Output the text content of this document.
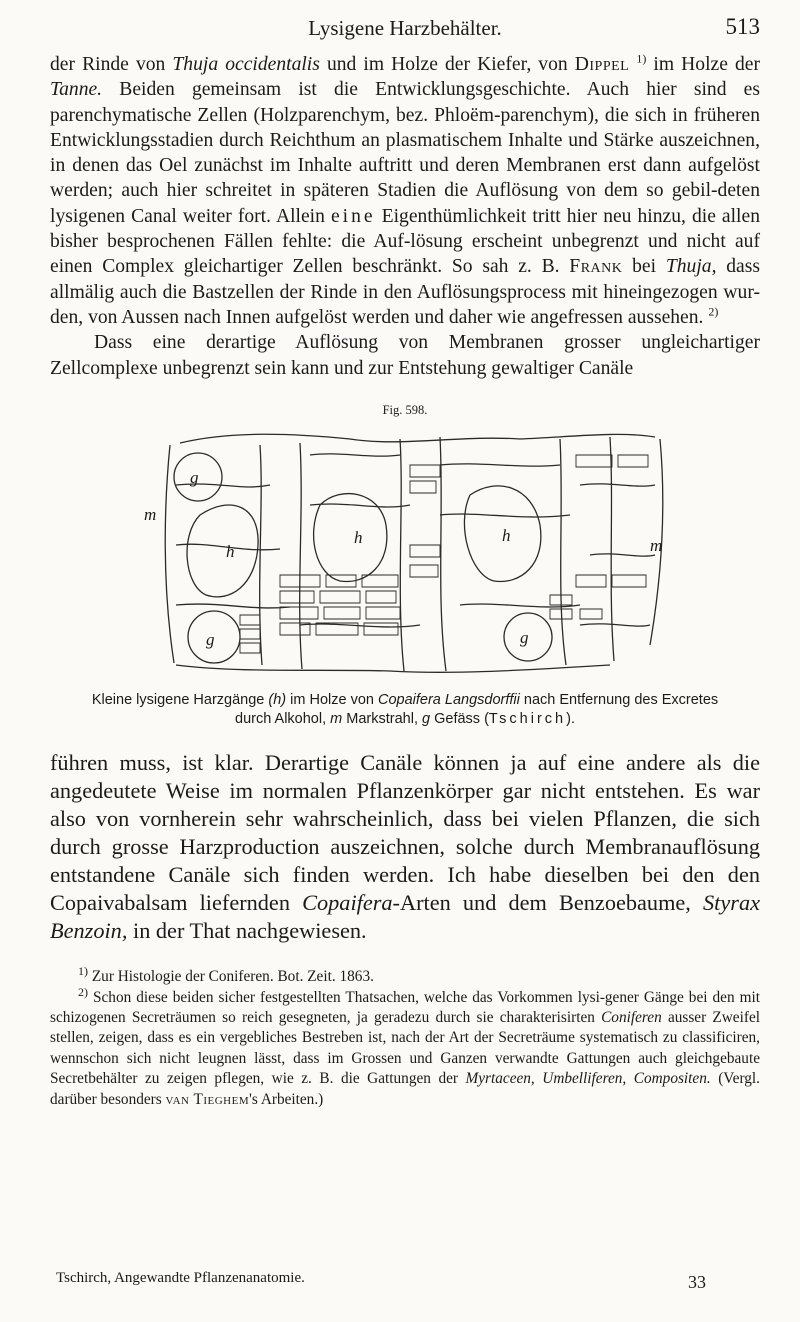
Lysigene Harzbehälter.	513

der Rinde von Thuja occidentalis und im Holze der Kiefer, von Dippel $^{1)}$ im Holze der Tanne. Beiden gemeinsam ist die Entwicklungsgeschichte. Auch hier sind es parenchymatische Zellen (Holzparenchym, bez. Phloëm-parenchym), die sich in früheren Entwicklungsstadien durch Reichthum an plasmatischem Inhalte und Stärke auszeichnen, in denen das Oel zunächst im Inhalte auftritt und deren Membranen erst dann aufgelöst werden; auch hier schreitet in späteren Stadien die Auflösung von dem so gebil-deten lysigenen Canal weiter fort. Allein eine Eigenthümlichkeit tritt hier neu hinzu, die allen bisher besprochenen Fällen fehlte: die Auf-lösung erscheint unbegrenzt und nicht auf einen Complex gleichartiger Zellen beschränkt. So sah z. B. Frank bei Thuja, dass allmälig auch die Bastzellen der Rinde in den Auflösungsprocess mit hineingezogen wur-den, von Aussen nach Innen aufgelöst werden und daher wie angefressen aussehen. $^{2)}$

Dass eine derartige Auflösung von Membranen grosser ungleichartiger Zellcomplexe unbegrenzt sein kann und zur Entstehung gewaltiger Canäle

Fig. 598.
g
g	g
m
m
h
h	h
Kleine lysigene Harzgänge (h) im Holze von Copaifera Langsdorffii nach Entfernung des Excretes
durch Alkohol, m Markstrahl, g Gefäss (Tschirch).

führen muss, ist klar. Derartige Canäle können ja auf eine andere als die angedeutete Weise im normalen Pflanzenkörper gar nicht entstehen. Es war also von vornherein sehr wahrscheinlich, dass bei vielen Pflanzen, die sich durch grosse Harzproduction auszeichnen, solche durch Membranauflösung entstandene Canäle sich finden werden. Ich habe dieselben bei den den Copaivabalsam liefernden Copaifera-Arten und dem Benzoebaume, Styrax Benzoin, in der That nachgewiesen.

$^{1)}$ Zur Histologie der Coniferen. Bot. Zeit. 1863.

$^{2)}$ Schon diese beiden sicher festgestellten Thatsachen, welche das Vorkommen lysi-gener Gänge bei den mit schizogenen Secreträumen so reich gesegneten, ja geradezu durch sie charakterisirten Coniferen ausser Zweifel stellen, zeigen, dass es ein vergebliches Bestreben ist, nach der Art der Secreträume systematisch zu classificiren, wennschon sich nicht leugnen lässt, dass im Grossen und Ganzen verwandte Gattungen auch gleichgebaute Secretbehälter zu zeigen pflegen, wie z. B. die Gattungen der Myrtaceen, Umbelliferen, Compositen. (Vergl. darüber besonders van Tieghem's Arbeiten.)

Tschirch, Angewandte Pflanzenanatomie.	33
